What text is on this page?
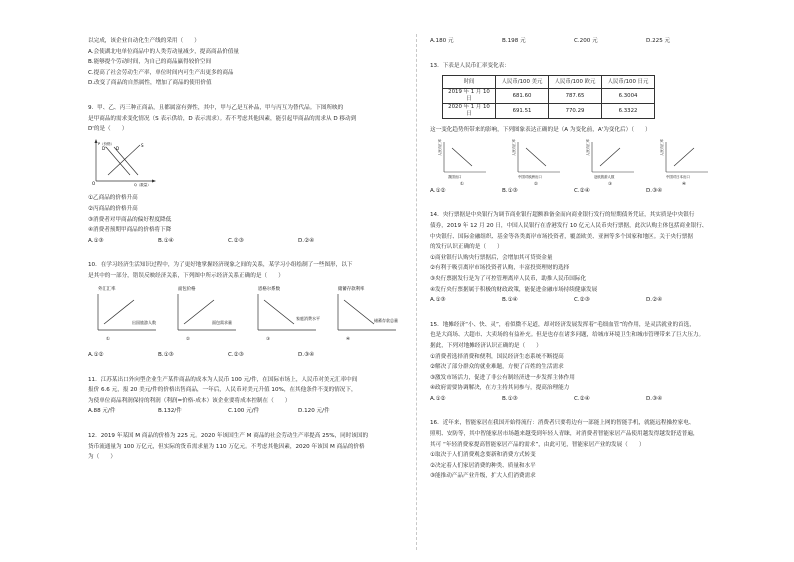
以完成，该企业自动化生产线的采用（　　）
A.会使湖北电单位商品中的人类劳动量减少，提高商品价值量
B.能够提个劳动时间，为自己的商品赢得较价空间
C.提高了社会劳动生产率，单位时间内可生产出更多的商品
D.改变了商品的自然属性，增加了商品的使用价值
9．甲、乙、丙三种正商品，且都属富有弹性，其中，甲与乙是互补品，甲与丙互为替代品。下图所映的
是甲商品的需求变化情况（S 表示供给，D 表示需求）。若不考虑其他因素，能引起甲商品的需求从 D 移动到
D'的是（　　）
P（价格）
D' D
S
O	Q（数量）
①乙商品的价格升高
②丙商品的价格升高
③消费者对甲商品的偏好程度降低
④消费者预期甲商品的价格将下降
A.①③	B.①④	C.②③	D.②④
10．在学习经济生活知识过程中，为了更好地掌握经济现象之间的关系，某学习小组绘制了一些图形，以下
是其中的一部分，错误反映经济关系，下列图中所示经济关系正确的是（　　）
外汇汇率
出国旅游人数
①
面包价格
面包需求量
②
恩格尔系数
家庭消费水平
③
储蓄存款利率
储蓄存款总量
④
A.①②	B.①③	C.②③	D.③④
11．江苏某出口外向型企业生产某件商品的成本为人民币 100 元/件，在国际市场上，人民币对美元汇率中间
报价 6.6 元，报 20 美元/件的价格出售商品，一年后，人民币对美元升值 10%，在其他条件不变的情况下，
为使单位商品利润保持的利润（利润=价格-成本）该企业要将成本控制在（　　）
A.88 元/件	B.132/件	C.100 元/件	D.120 元/件
12．2019 年某国 M 商品的价格为 225 元。2020 年该国生产 M 商品的社会劳动生产率提高 25%，同时该国的
货币流通量为 100 万亿元，但实际的货币需求量为 110 万亿元。不考虑其他因素，2020 年该国 M 商品的价格
为（　　）
A.180 元	B.198 元	C.200 元	D.225 元
13．下表是人民币汇率变化表：
时间	人民币/100 美元	人民币/100 欧元	人民币/100 日元
2019 年 1 月 10 日	681.60	787.65	6.3004
2020 年 1 月 10 日	691.51	770.29	6.3322
这一变化趋势所带来的影响，下列图象表达正确的是（A 为变化前，A'为变化后）（　　）
人民币汇率
我国出口
①
人民币汇率
中国对欧洲出口
②
人民币汇率
赴欧旅游人数
③
人民币汇率
中国对日本出口
④
A.①②	B.①③	C.②④	D.③④
14．央行票据是中央银行为调节商业银行超额准备金而向商业银行发行的短期债务凭证，其实质是中央银行
债券，2019 年 12 月 20 日，中国人民银行在香港发行 10 亿元人民币央行票据，此次认购主体包括商业银行、
中央银行、国际金融组织、基金等各类离岸市场投资者，覆盖欧美、亚洲等多个国家和地区。关于央行票据
的发行认识正确的是（　　）
①商业银行认购央行票据后，会增加其可贷资金量
②有利于吸引离岸市场投资者认购，丰富投资理财的选择
③央行票据发行是为了可控管理离岸人民币，助推人民币国际化
④发行央行票据属于积极的财政政策，能促进金融市场持续健康发展
A.①③	B.①④	C.②③	D.②④
15．地摊经济“小、快、灵”，看似微不足道，却对经济发展发挥着“毛细血管”的作用，是灵活就业的首选，
也是大商场、大超市、大卖场的有益补充。但是也存在诸多问题，给城市环境卫生和城市管理带来了巨大压力。
据此，下列对地摊经济认识正确的是（　　）
①消费者选择消费和便利，国民经济生态系统不断提高
②解决了部分群众的就业难题，方便了百姓的生活需求
③激发市场活力，促进了非公有制经济进一步发挥主体作用
④政府需要协调解决，在方主持其同参与，提高治理能力
A.①②	B.①③	C.②④	D.③④
16．近年来，智能家居在我国开始得流行：消费者只要将边有一部能上网的智能手机，就能远程操控家电、
照明、安防等，其中智能家居市场越来越受到年轻人青睐，对消费者智能家居产品使用越发得越发舒适普遍，
其可 “年轻消费家提高智能家居产品的需求”，由此可见，智能家居产业的发展（　　）
①取决于人们消费观念要新和消费方式转变
②决定着人们家居消费的种类、质量和水平
③能推动产品产业升级，扩大人们消费需求
